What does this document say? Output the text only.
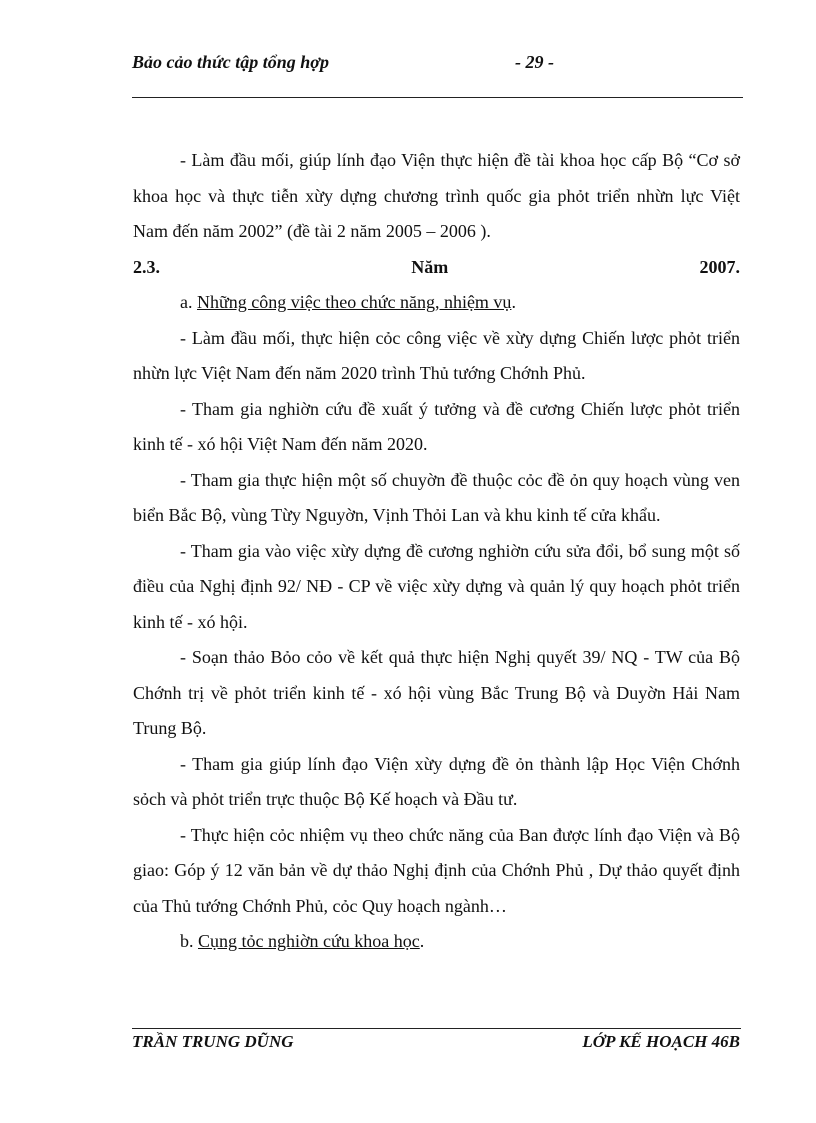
Bảo cảo thức tập tổng hợp	- 29 -

- Làm đầu mối, giúp lính đạo Viện thực hiện đề tài khoa học cấp Bộ “Cơ sở khoa học và thực tiễn xừy dựng chương trình quốc gia phỏt triển nhừn lực Việt Nam đến năm 2002” (đề tài 2 năm 2005 – 2006 ).

2.3.	Năm	2007.

a. Những công việc theo chức năng, nhiệm vụ.

- Làm đầu mối, thực hiện cỏc công việc về xừy dựng Chiến lược phỏt triển nhừn lực Việt Nam đến năm 2020 trình Thủ tướng Chớnh Phủ.

- Tham gia nghiờn cứu đề xuất ý tưởng và đề cương Chiến lược phỏt triển kinh tế - xó hội Việt Nam đến năm 2020.

- Tham gia thực hiện một số chuyờn đề thuộc cỏc đề ỏn quy hoạch vùng ven biển Bắc Bộ, vùng Từy Nguyờn, Vịnh Thỏi Lan và khu kinh tế cửa khẩu.

- Tham gia vào việc xừy dựng đề cương nghiờn cứu sửa đổi, bổ sung một số điều của Nghị định 92/ NĐ - CP về việc xừy dựng và quản lý quy hoạch phỏt triển kinh tế - xó hội.

- Soạn thảo Bỏo cỏo về kết quả thực hiện Nghị quyết 39/ NQ - TW của Bộ Chớnh trị về phỏt triển kinh tế - xó hội vùng Bắc Trung Bộ và Duyờn Hải Nam Trung Bộ.

- Tham gia giúp lính đạo Viện xừy dựng đề ỏn thành lập Học Viện Chớnh sỏch và phỏt triển trực thuộc Bộ Kế hoạch và Đầu tư.

- Thực hiện cỏc nhiệm vụ theo chức năng của Ban được lính đạo Viện và Bộ giao: Góp ý 12 văn bản về dự thảo Nghị định của Chớnh Phủ , Dự thảo quyết định của Thủ tướng Chớnh Phủ, cỏc Quy hoạch ngành…

b. Cụng tỏc nghiờn cứu khoa học.

TRẦN TRUNG DŨNG	LỚP KẾ HOẠCH 46B
